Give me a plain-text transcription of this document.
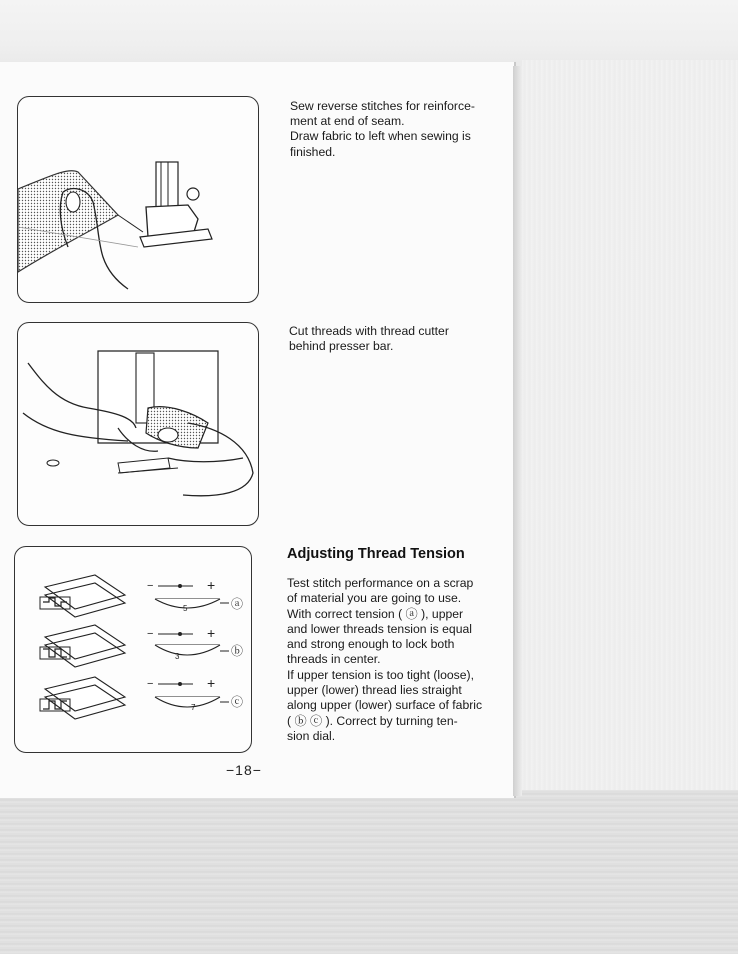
−	+
5	ⓐ
−	+
3	ⓑ
−	+
7	ⓒ
Sew reverse stitches for reinforce-
ment at end of seam.
Draw fabric to left when sewing is
finished.
Cut threads with thread cutter
behind presser bar.
Adjusting Thread Tension
Test stitch performance on a scrap
of material you are going to use.
With correct tension ( ⓐ ), upper
and lower threads tension is equal
and strong enough to lock both
threads in center.
If upper tension is too tight (loose),
upper (lower) thread lies straight
along upper (lower) surface of fabric
( ⓑ ⓒ ). Correct by turning ten-
sion dial.
−18−
